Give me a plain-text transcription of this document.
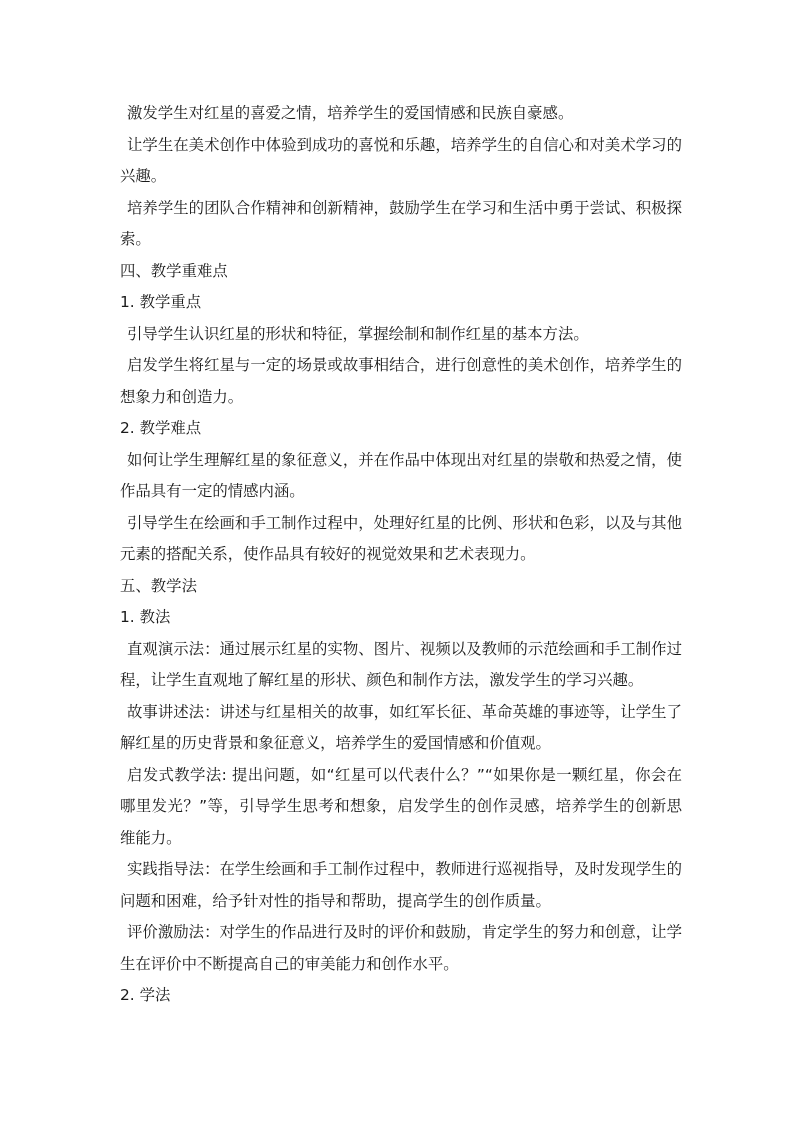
激发学生对红星的喜爱之情，培养学生的爱国情感和民族自豪感。

让学生在美术创作中体验到成功的喜悦和乐趣，培养学生的自信心和对美术学习的兴趣。

培养学生的团队合作精神和创新精神，鼓励学生在学习和生活中勇于尝试、积极探索。

四、教学重难点

1. 教学重点

引导学生认识红星的形状和特征，掌握绘制和制作红星的基本方法。

启发学生将红星与一定的场景或故事相结合，进行创意性的美术创作，培养学生的想象力和创造力。

2. 教学难点

如何让学生理解红星的象征意义，并在作品中体现出对红星的崇敬和热爱之情，使作品具有一定的情感内涵。

引导学生在绘画和手工制作过程中，处理好红星的比例、形状和色彩，以及与其他元素的搭配关系，使作品具有较好的视觉效果和艺术表现力。

五、教学法

1. 教法

直观演示法：通过展示红星的实物、图片、视频以及教师的示范绘画和手工制作过程，让学生直观地了解红星的形状、颜色和制作方法，激发学生的学习兴趣。

故事讲述法：讲述与红星相关的故事，如红军长征、革命英雄的事迹等，让学生了解红星的历史背景和象征意义，培养学生的爱国情感和价值观。

启发式教学法: 提出问题，如“红星可以代表什么？”“如果你是一颗红星，你会在哪里发光？”等，引导学生思考和想象，启发学生的创作灵感，培养学生的创新思维能力。

实践指导法：在学生绘画和手工制作过程中，教师进行巡视指导，及时发现学生的问题和困难，给予针对性的指导和帮助，提高学生的创作质量。

评价激励法：对学生的作品进行及时的评价和鼓励，肯定学生的努力和创意，让学生在评价中不断提高自己的审美能力和创作水平。

2. 学法
